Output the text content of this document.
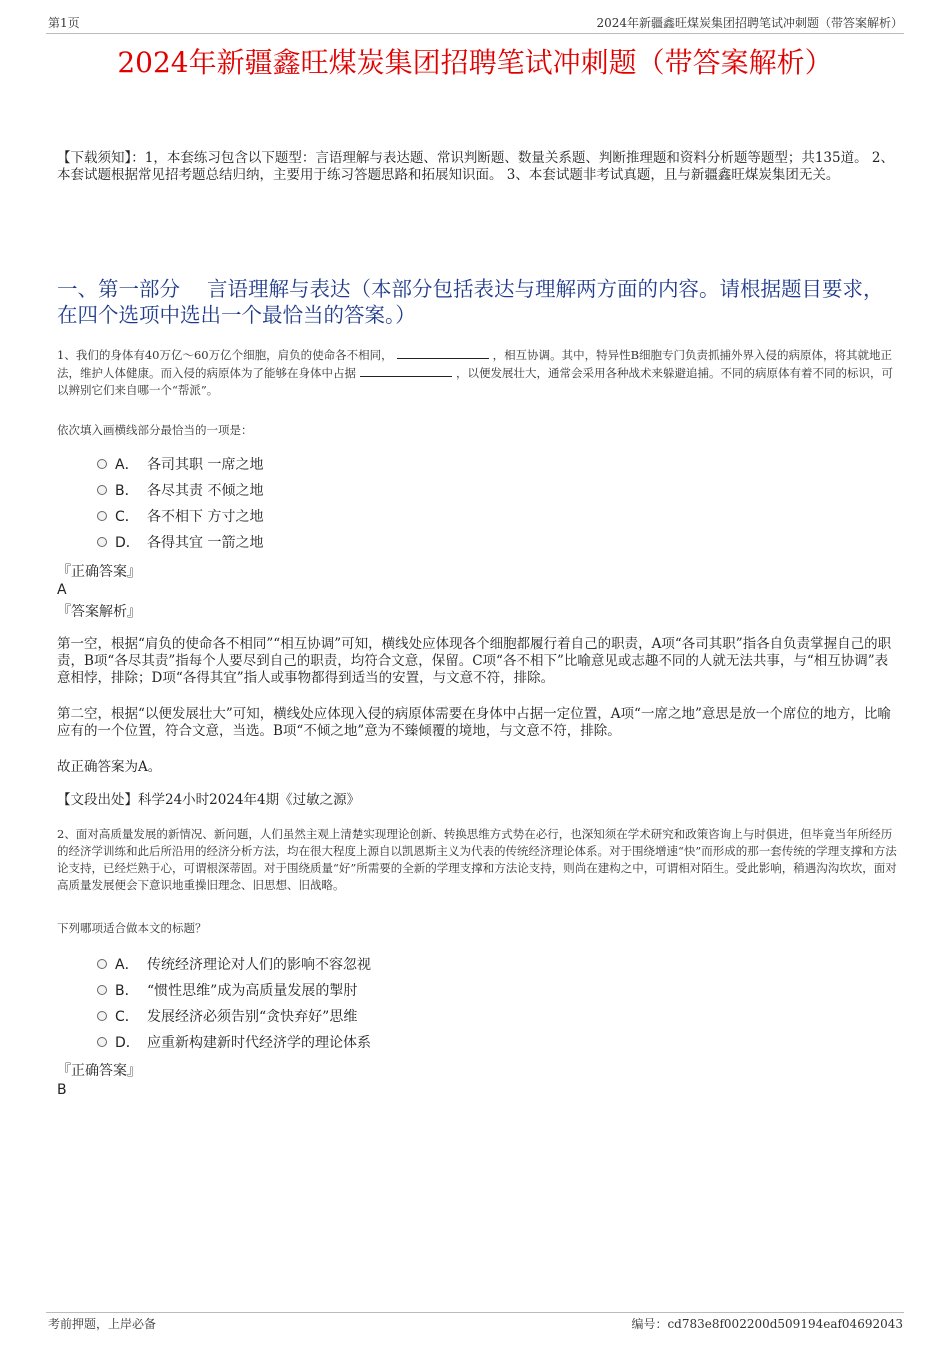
第1页	2024年新疆鑫旺煤炭集团招聘笔试冲刺题（带答案解析）
2024年新疆鑫旺煤炭集团招聘笔试冲刺题（带答案解析）
【下载须知】：1，本套练习包含以下题型：言语理解与表达题、常识判断题、数量关系题、判断推理题和资料分析题等题型；共135道。 2、本套试题根据常见招考题总结归纳，主要用于练习答题思路和拓展知识面。 3、本套试题非考试真题，且与新疆鑫旺煤炭集团无关。
一、第一部分　 言语理解与表达（本部分包括表达与理解两方面的内容。请根据题目要求，在四个选项中选出一个最恰当的答案。）
1、我们的身体有40万亿～60万亿个细胞，肩负的使命各不相同，	，相互协调。其中，特异性B细胞专门负责抓捕外界入侵的病原体，将其就地正法，维护人体健康。而入侵的病原体为了能够在身体中占据	，以便发展壮大，通常会采用各种战术来躲避追捕。不同的病原体有着不同的标识，可以辨别它们来自哪一个“帮派”。
依次填入画横线部分最恰当的一项是：
A． 各司其职 一席之地
B． 各尽其责 不倾之地
C． 各不相下 方寸之地
D． 各得其宜 一箭之地
『正确答案』
A
『答案解析』
第一空，根据“肩负的使命各不相同”“相互协调”可知，横线处应体现各个细胞都履行着自己的职责，A项“各司其职”指各自负责掌握自己的职责，B项“各尽其责”指每个人要尽到自己的职责，均符合文意，保留。C项“各不相下”比喻意见或志趣不同的人就无法共事，与“相互协调”表意相悖，排除；D项“各得其宜”指人或事物都得到适当的安置，与文意不符，排除。
第二空，根据“以便发展壮大”可知，横线处应体现入侵的病原体需要在身体中占据一定位置，A项“一席之地”意思是放一个席位的地方，比喻应有的一个位置，符合文意，当选。B项“不倾之地”意为不臻倾覆的境地，与文意不符，排除。
故正确答案为A。
【文段出处】科学24小时2024年4期《过敏之源》
2、面对高质量发展的新情况、新问题，人们虽然主观上清楚实现理论创新、转换思维方式势在必行，也深知须在学术研究和政策咨询上与时俱进，但毕竟当年所经历的经济学训练和此后所沿用的经济分析方法，均在很大程度上源自以凯恩斯主义为代表的传统经济理论体系。对于围绕增速“快”而形成的那一套传统的学理支撑和方法论支持，已经烂熟于心，可谓根深蒂固。对于围绕质量“好”所需要的全新的学理支撑和方法论支持，则尚在建构之中，可谓相对陌生。受此影响，稍遇沟沟坎坎，面对高质量发展便会下意识地重操旧理念、旧思想、旧战略。
下列哪项适合做本文的标题？
A． 传统经济理论对人们的影响不容忽视
B． “惯性思维”成为高质量发展的掣肘
C． 发展经济必须告别“贪快弃好”思维
D． 应重新构建新时代经济学的理论体系
『正确答案』
B
考前押题，上岸必备	编号：cd783e8f002200d509194eaf04692043
